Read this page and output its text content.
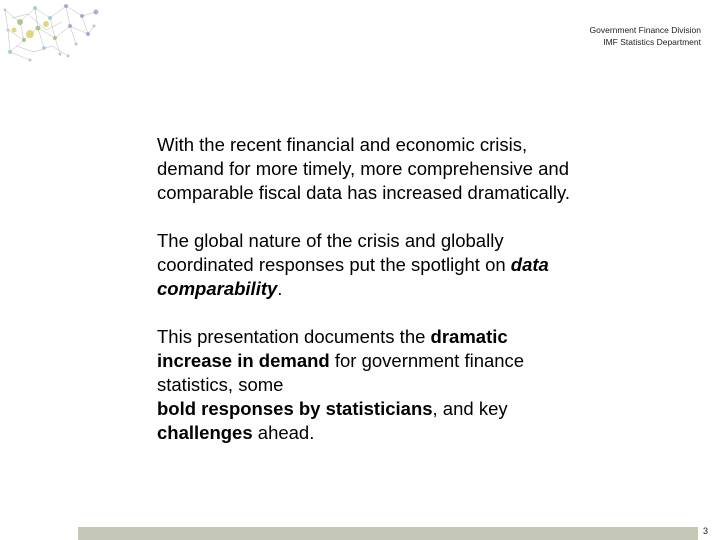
Government Finance Division
IMF Statistics Department

With the recent financial and economic crisis, demand for more timely, more comprehensive and comparable fiscal data has increased dramatically.

The global nature of the crisis and globally coordinated responses put the spotlight on data comparability.

This presentation documents the dramatic increase in demand for government finance statistics, some
bold responses by statisticians, and key challenges ahead.

3
